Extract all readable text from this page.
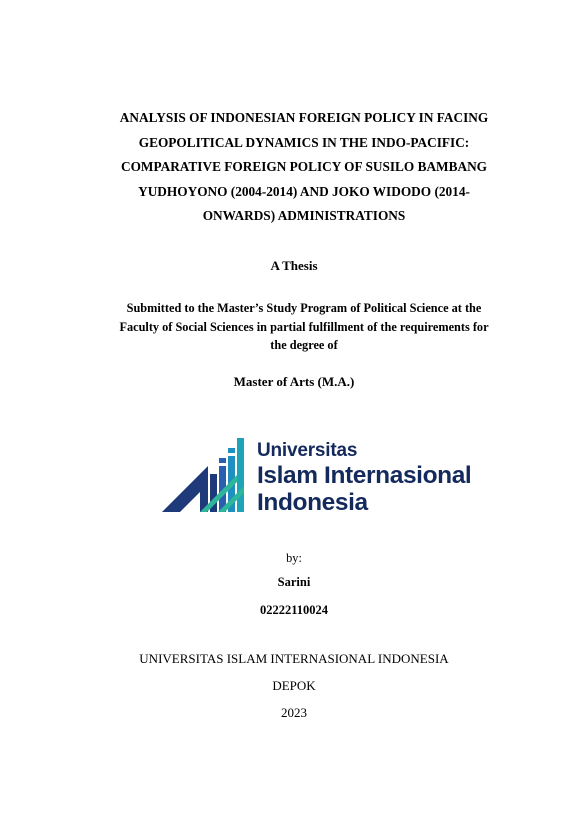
ANALYSIS OF INDONESIAN FOREIGN POLICY IN FACING
GEOPOLITICAL DYNAMICS IN THE INDO-PACIFIC:
COMPARATIVE FOREIGN POLICY OF SUSILO BAMBANG
YUDHOYONO (2004-2014) AND JOKO WIDODO (2014-
ONWARDS) ADMINISTRATIONS
A Thesis
Submitted to the Master’s Study Program of Political Science at the
Faculty of Social Sciences in partial fulfillment of the requirements for
the degree of
Master of Arts (M.A.)
Universitas
Islam Internasional
Indonesia
by:
Sarini
02222110024
UNIVERSITAS ISLAM INTERNASIONAL INDONESIA
DEPOK
2023
